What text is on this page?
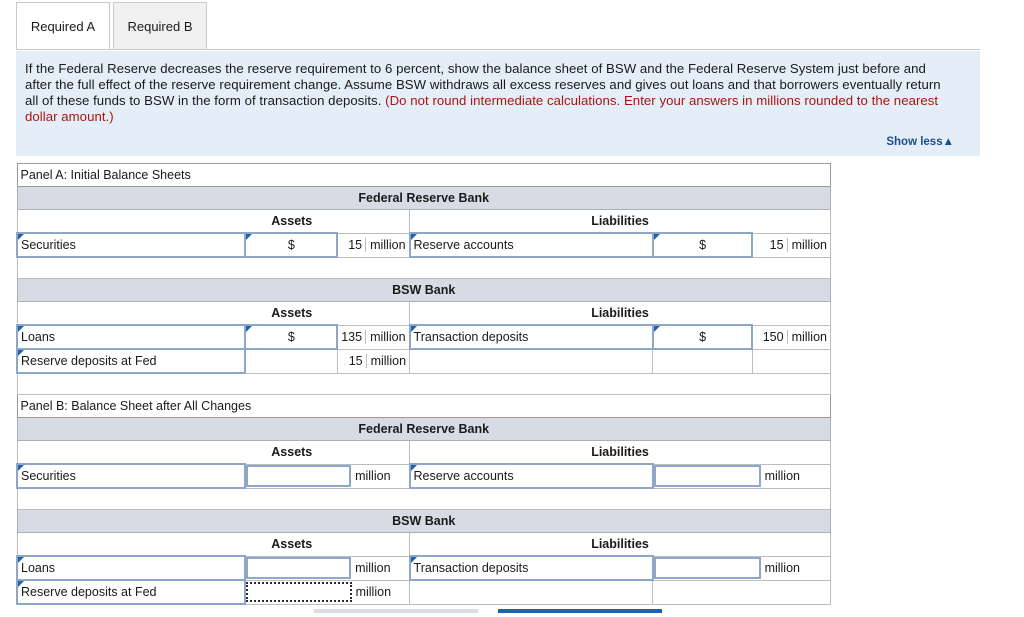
Required A	Required B

If the Federal Reserve decreases the reserve requirement to 6 percent, show the balance sheet of BSW and the Federal Reserve System just before and after the full effect of the reserve requirement change. Assume BSW withdraws all excess reserves and gives out loans and that borrowers eventually return all of these funds to BSW in the form of transaction deposits. (Do not round intermediate calculations. Enter your answers in millions rounded to the nearest dollar amount.)

Show less▲
Panel A: Initial Balance Sheets					
Federal Reserve Bank					
Assets			Liabilities		
Securities	$	15 million	Reserve accounts	$	15 million

BSW Bank					
Assets			Liabilities		
Loans	$	135 million	Transaction deposits	$	150 million

Reserve deposits at Fed		15 million			

Panel B: Balance Sheet after All Changes					
Federal Reserve Bank					
Assets			Liabilities		
Securities	million		Reserve accounts	million	

BSW Bank					
Assets			Liabilities		
Loans	million		Transaction deposits	million	

Reserve deposits at Fed	million				
